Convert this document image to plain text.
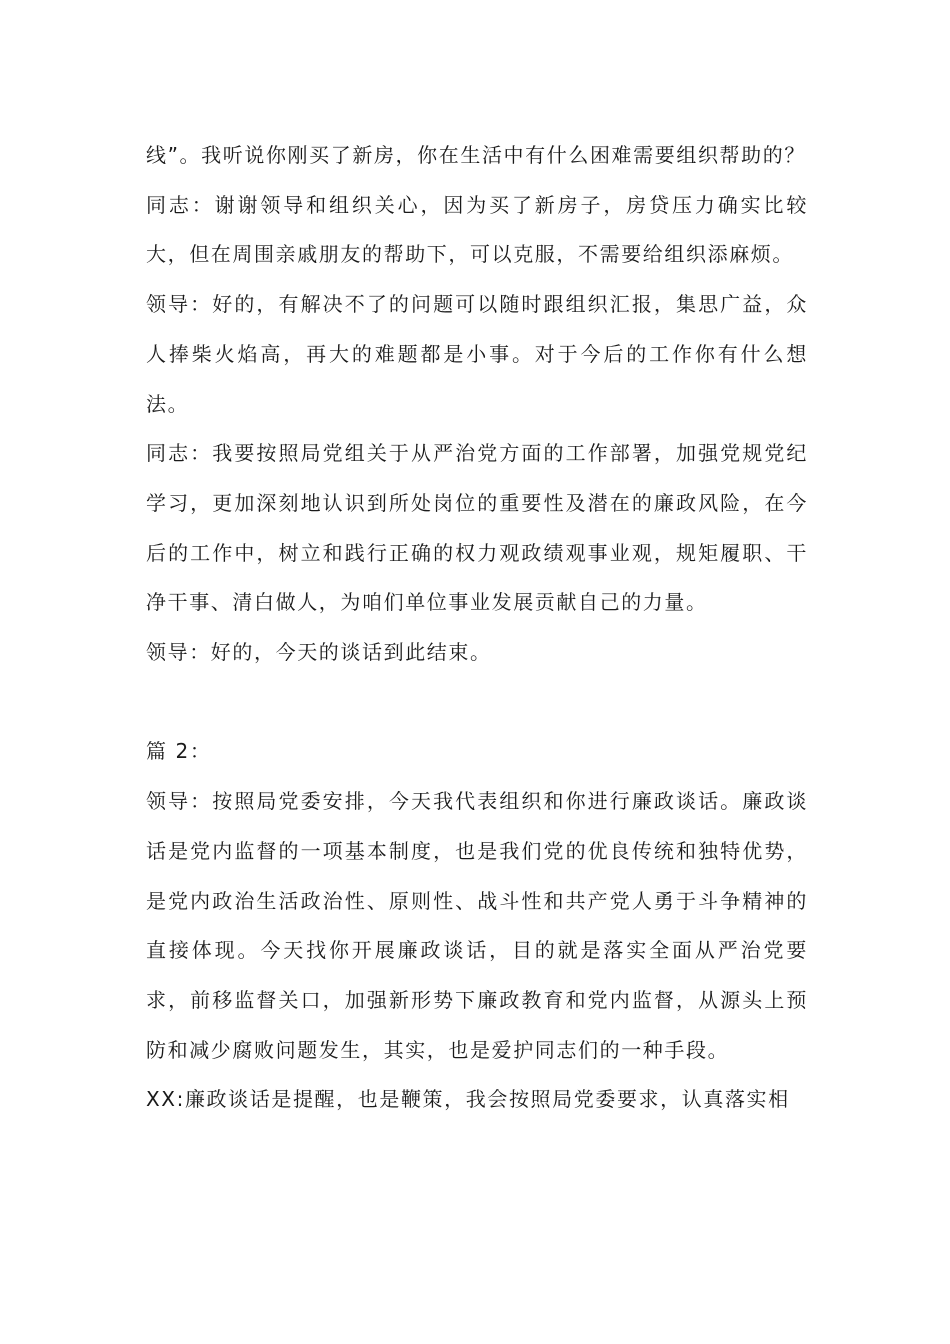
线”。我听说你刚买了新房，你在生活中有什么困难需要组织帮助的？

同志：谢谢领导和组织关心，因为买了新房子，房贷压力确实比较大，但在周围亲戚朋友的帮助下，可以克服，不需要给组织添麻烦。

领导：好的，有解决不了的问题可以随时跟组织汇报，集思广益，众人捧柴火焰高，再大的难题都是小事。对于今后的工作你有什么想法。

同志：我要按照局党组关于从严治党方面的工作部署，加强党规党纪学习，更加深刻地认识到所处岗位的重要性及潜在的廉政风险，在今后的工作中，树立和践行正确的权力观政绩观事业观，规矩履职、干净干事、清白做人，为咱们单位事业发展贡献自己的力量。

领导：好的，今天的谈话到此结束。

篇 2：

领导：按照局党委安排，今天我代表组织和你进行廉政谈话。廉政谈话是党内监督的一项基本制度，也是我们党的优良传统和独特优势，是党内政治生活政治性、原则性、战斗性和共产党人勇于斗争精神的直接体现。今天找你开展廉政谈话，目的就是落实全面从严治党要求，前移监督关口，加强新形势下廉政教育和党内监督，从源头上预防和减少腐败问题发生，其实，也是爱护同志们的一种手段。

XX:廉政谈话是提醒，也是鞭策，我会按照局党委要求，认真落实相
